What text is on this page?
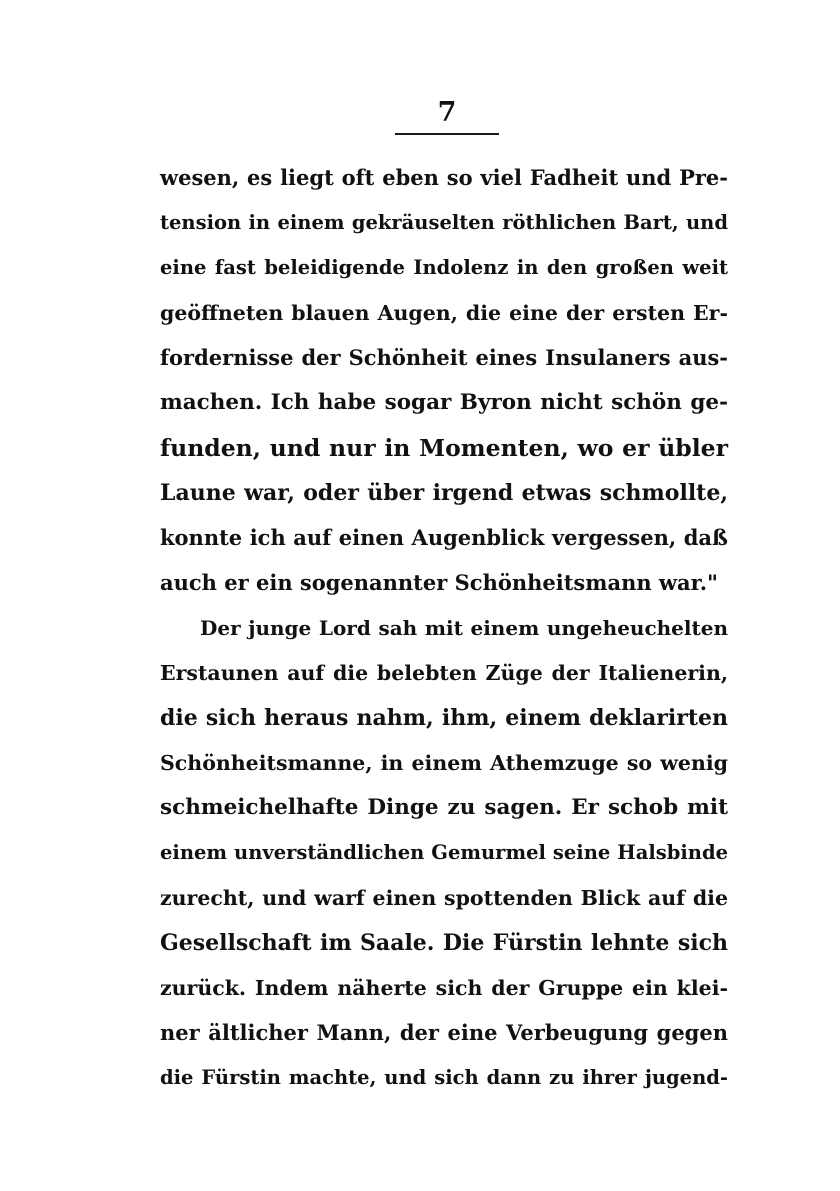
7
wesen, es liegt oft eben so viel Fadheit und Pre-
tension in einem gekräuselten röthlichen Bart, und
eine fast beleidigende Indolenz in den großen weit
geöffneten blauen Augen, die eine der ersten Er-
fordernisse der Schönheit eines Insulaners aus-
machen. Ich habe sogar Byron nicht schön ge-
funden, und nur in Momenten, wo er übler
Laune war, oder über irgend etwas schmollte,
konnte ich auf einen Augenblick vergessen, daß
auch er ein sogenannter Schönheitsmann war."
Der junge Lord sah mit einem ungeheuchelten
Erstaunen auf die belebten Züge der Italienerin,
die sich heraus nahm, ihm, einem deklarirten
Schönheitsmanne, in einem Athemzuge so wenig
schmeichelhafte Dinge zu sagen. Er schob mit
einem unverständlichen Gemurmel seine Halsbinde
zurecht, und warf einen spottenden Blick auf die
Gesellschaft im Saale. Die Fürstin lehnte sich
zurück. Indem näherte sich der Gruppe ein klei-
ner ältlicher Mann, der eine Verbeugung gegen
die Fürstin machte, und sich dann zu ihrer jugend-
